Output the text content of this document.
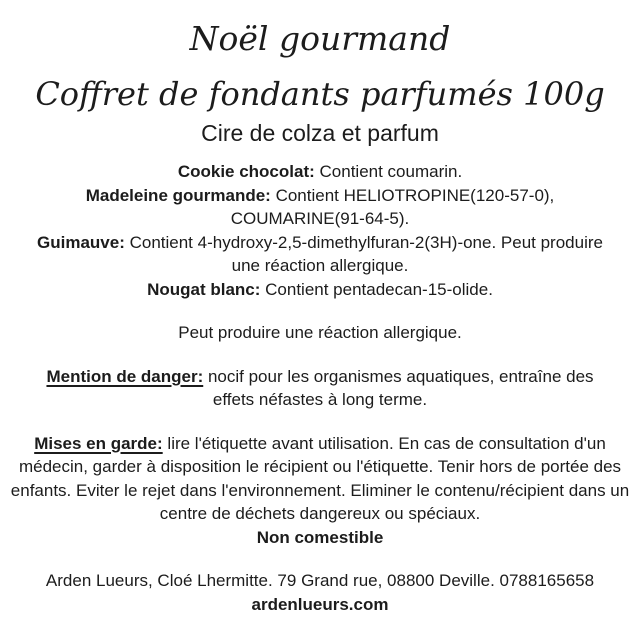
Noël gourmand
Coffret de fondants parfumés 100g
Cire de colza et parfum

Cookie chocolat: Contient coumarin.

Madeleine gourmande: Contient HELIOTROPINE(120-57-0), COUMARINE(91-64-5).

Guimauve: Contient 4-hydroxy-2,5-dimethylfuran-2(3H)-one. Peut produire une réaction allergique.

Nougat blanc: Contient pentadecan-15-olide.

Peut produire une réaction allergique.

Mention de danger: nocif pour les organismes aquatiques, entraîne des effets néfastes à long terme.

Mises en garde: lire l'étiquette avant utilisation. En cas de consultation d'un médecin, garder à disposition le récipient ou l'étiquette. Tenir hors de portée des enfants. Eviter le rejet dans l'environnement. Eliminer le contenu/récipient dans un centre de déchets dangereux ou spéciaux.

Non comestible

Arden Lueurs, Cloé Lhermitte. 79 Grand rue, 08800 Deville. 0788165658

ardenlueurs.com
